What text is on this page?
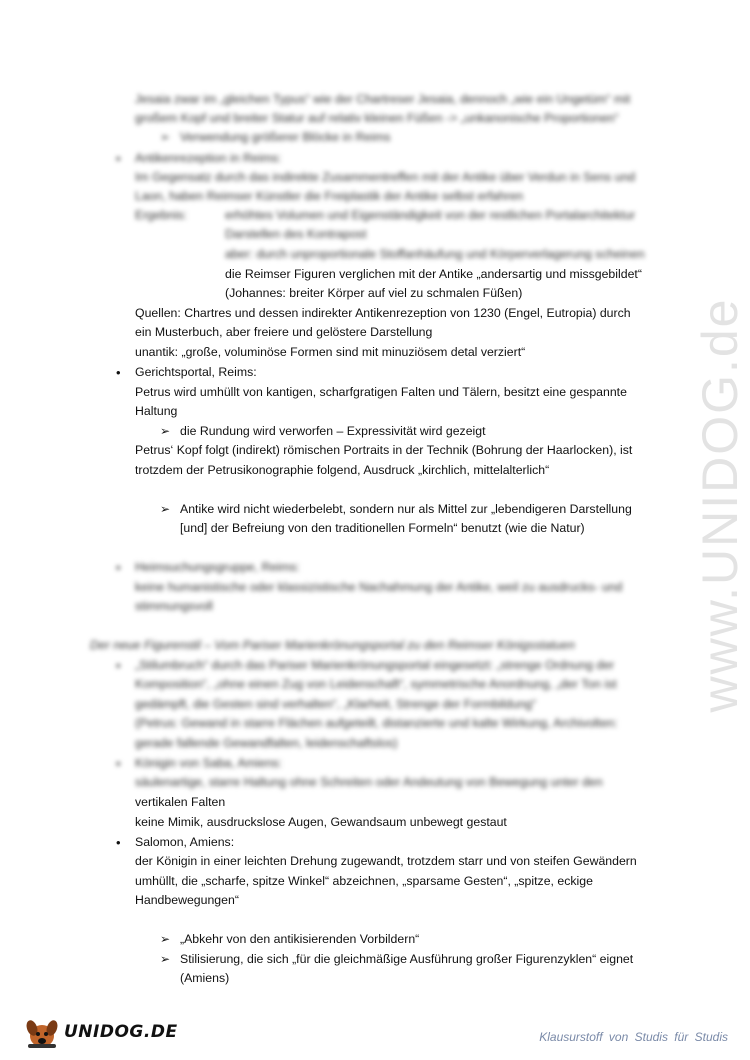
Jesaia zwar im „gleichen Typus“ wie der Chartreser Jesaia, dennoch „wie ein Ungetüm“ mit
großem Kopf und breiter Statur auf relativ kleinen Füßen -> „unkanonische Proportionen“
➢ Verwendung größerer Blöcke in Reims
• Antikenrezeption in Reims:
Im Gegensatz durch das indirekte Zusammentreffen mit der Antike über Verdun in Sens und
Laon, haben Reimser Künstler die Freiplastik der Antike selbst erfahren
Ergebnis:	erhöhtes Volumen und Eigenständigkeit von der restlichen Portalarchitektur
Darstellen des Kontrapost
aber: durch unproportionale Stoffanhäufung und Körperverlagerung scheinen
die Reimser Figuren verglichen mit der Antike „andersartig und missgebildet“
(Johannes: breiter Körper auf viel zu schmalen Füßen)
Quellen: Chartres und dessen indirekter Antikenrezeption von 1230 (Engel, Eutropia) durch
ein Musterbuch, aber freiere und gelöstere Darstellung
unantik: „große, voluminöse Formen sind mit minuziösem detal verziert“
• Gerichtsportal, Reims:
Petrus wird umhüllt von kantigen, scharfgratigen Falten und Tälern, besitzt eine gespannte
Haltung
➢ die Rundung wird verworfen – Expressivität wird gezeigt
Petrus‘ Kopf folgt (indirekt) römischen Portraits in der Technik (Bohrung der Haarlocken), ist
trotzdem der Petrusikonographie folgend, Ausdruck „kirchlich, mittelalterlich“
➢ Antike wird nicht wiederbelebt, sondern nur als Mittel zur „lebendigeren Darstellung
[und] der Befreiung von den traditionellen Formeln“ benutzt (wie die Natur)
• Heimsuchungsgruppe, Reims:
keine humanistische oder klassizistische Nachahmung der Antike, weil zu ausdrucks- und
stimmungsvoll
Der neue Figurenstil – Vom Pariser Marienkrönungsportal zu den Reimser Königsstatuen
• „Stilumbruch“ durch das Pariser Marienkrönungsportal eingesetzt: „strenge Ordnung der
Komposition“, „ohne einen Zug von Leidenschaft“, symmetrische Anordnung, „der Ton ist
gedämpft, die Gesten sind verhalten“, „Klarheit, Strenge der Formbildung“
(Petrus: Gewand in starre Flächen aufgeteilt, distanzierte und kalte Wirkung, Archivolten:
gerade fallende Gewandfalten, leidenschaftslos)
• Königin von Saba, Amiens:
säulenartige, starre Haltung ohne Schreiten oder Andeutung von Bewegung unter den
vertikalen Falten
keine Mimik, ausdruckslose Augen, Gewandsaum unbewegt gestaut
• Salomon, Amiens:
der Königin in einer leichten Drehung zugewandt, trotzdem starr und von steifen Gewändern
umhüllt, die „scharfe, spitze Winkel“ abzeichnen, „sparsame Gesten“, „spitze, eckige
Handbewegungen“
➢ „Abkehr von den antikisierenden Vorbildern“
➢ Stilisierung, die sich „für die gleichmäßige Ausführung großer Figurenzyklen“ eignet
(Amiens)
www.UNIDOG.de
UNIDOG.DE	Klausurstoff von Studis für Studis
